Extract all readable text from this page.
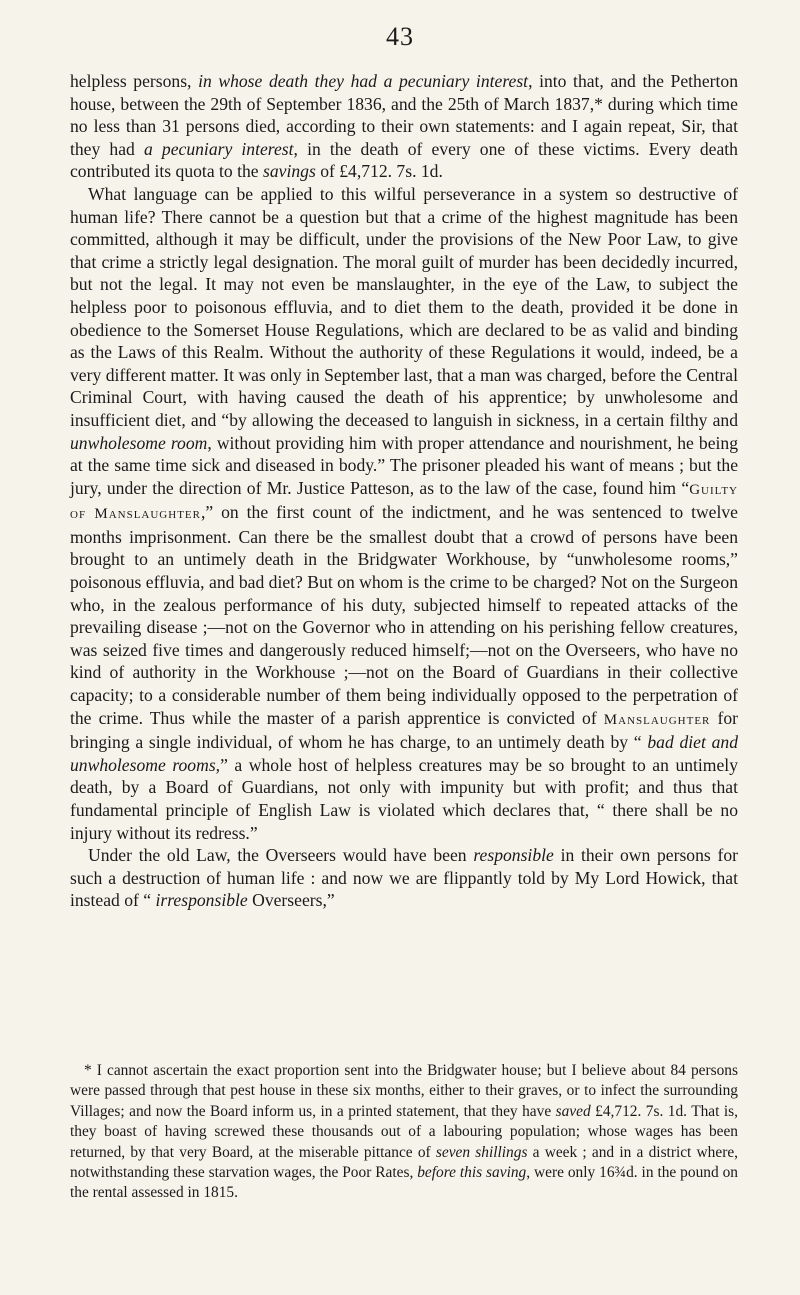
43

helpless persons, in whose death they had a pecuniary interest, into that, and the Petherton house, between the 29th of September 1836, and the 25th of March 1837,* during which time no less than 31 persons died, according to their own statements: and I again repeat, Sir, that they had a pecuniary interest, in the death of every one of these victims. Every death contributed its quota to the savings of £4,712. 7s. 1d.

What language can be applied to this wilful perseverance in a system so destructive of human life? There cannot be a question but that a crime of the highest magnitude has been committed, although it may be difficult, under the provisions of the New Poor Law, to give that crime a strictly legal designation. The moral guilt of murder has been decidedly incurred, but not the legal. It may not even be manslaughter, in the eye of the Law, to subject the helpless poor to poisonous effluvia, and to diet them to the death, provided it be done in obedience to the Somerset House Regulations, which are declared to be as valid and binding as the Laws of this Realm. Without the authority of these Regulations it would, indeed, be a very different matter. It was only in September last, that a man was charged, before the Central Criminal Court, with having caused the death of his apprentice; by unwholesome and insufficient diet, and “by allowing the deceased to languish in sickness, in a certain filthy and unwholesome room, without providing him with proper attendance and nourishment, he being at the same time sick and diseased in body.” The prisoner pleaded his want of means ; but the jury, under the direction of Mr. Justice Patteson, as to the law of the case, found him “Guilty of Manslaughter,” on the first count of the indictment, and he was sentenced to twelve months imprisonment. Can there be the smallest doubt that a crowd of persons have been brought to an untimely death in the Bridgwater Workhouse, by “unwholesome rooms,” poisonous effluvia, and bad diet? But on whom is the crime to be charged? Not on the Surgeon who, in the zealous performance of his duty, subjected himself to repeated attacks of the prevailing disease ;—not on the Governor who in attending on his perishing fellow creatures, was seized five times and dangerously reduced himself;—not on the Overseers, who have no kind of authority in the Workhouse ;—not on the Board of Guardians in their collective capacity; to a considerable number of them being individually opposed to the perpetration of the crime. Thus while the master of a parish apprentice is convicted of Manslaughter for bringing a single individual, of whom he has charge, to an untimely death by “ bad diet and unwholesome rooms,” a whole host of helpless creatures may be so brought to an untimely death, by a Board of Guardians, not only with impunity but with profit; and thus that fundamental principle of English Law is violated which declares that, “ there shall be no injury without its redress.”

Under the old Law, the Overseers would have been responsible in their own persons for such a destruction of human life : and now we are flippantly told by My Lord Howick, that instead of “ irresponsible Overseers,”

* I cannot ascertain the exact proportion sent into the Bridgwater house; but I believe about 84 persons were passed through that pest house in these six months, either to their graves, or to infect the surrounding Villages; and now the Board inform us, in a printed statement, that they have saved £4,712. 7s. 1d. That is, they boast of having screwed these thousands out of a labouring population; whose wages has been returned, by that very Board, at the miserable pittance of seven shillings a week ; and in a district where, notwithstanding these starvation wages, the Poor Rates, before this saving, were only 16¾d. in the pound on the rental assessed in 1815.
